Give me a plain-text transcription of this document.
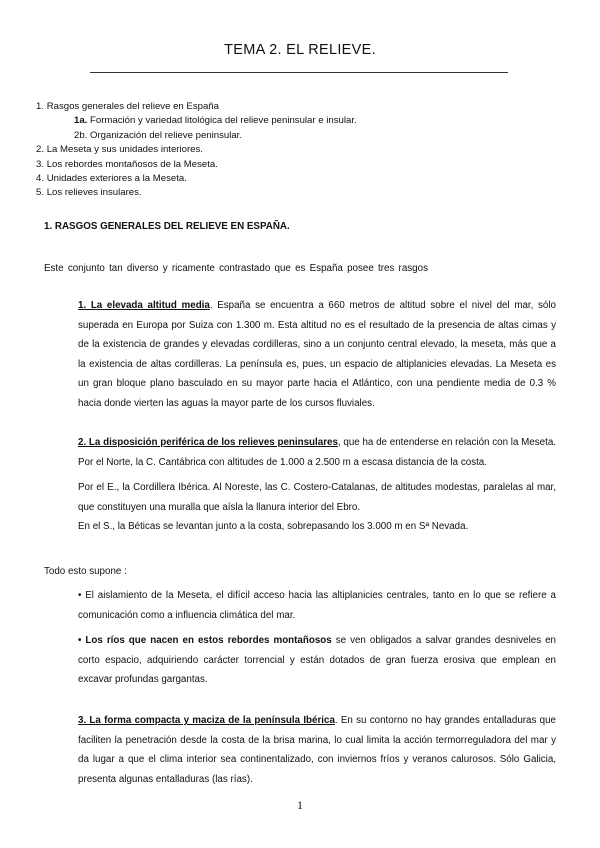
TEMA 2. EL RELIEVE.
1. Rasgos generales del relieve en España
1a. Formación y variedad litológica del relieve peninsular e insular.
2b. Organización del relieve peninsular.
2. La Meseta y sus unidades interiores.
3. Los rebordes montañosos de la Meseta.
4. Unidades exteriores a la Meseta.
5. Los relieves insulares.
1. RASGOS GENERALES DEL RELIEVE EN ESPAÑA.
Este conjunto tan diverso y ricamente contrastado que es España posee tres rasgos

1. La elevada altitud media. España se encuentra a 660 metros de altitud sobre el nivel del mar, sólo superada en Europa por Suiza con 1.300 m. Esta altitud no es el resultado de la presencia de altas cimas y de la existencia de grandes y elevadas cordilleras, sino a un conjunto central elevado, la meseta, más que a la existencia de altas cordilleras. La península es, pues, un espacio de altiplanicies elevadas. La Meseta es un gran bloque plano basculado en su mayor parte hacia el Atlántico, con una pendiente media de 0.3 % hacia donde vierten las aguas la mayor parte de los cursos fluviales.

2. La disposición periférica de los relieves peninsulares, que ha de entenderse en relación con la Meseta. Por el Norte, la C. Cantábrica con altitudes de 1.000 a 2.500 m a escasa distancia de la costa.

Por el E., la Cordillera Ibérica. Al Noreste, las C. Costero-Catalanas, de altitudes modestas, paralelas al mar, que constituyen una muralla que aísla la llanura interior del Ebro.

En el S., la Béticas se levantan junto a la costa, sobrepasando los 3.000 m en Sª Nevada.

Todo esto supone :

• El aislamiento de la Meseta, el difícil acceso hacia las altiplanicies centrales, tanto en lo que se refiere a comunicación como a influencia climática del mar.

• Los ríos que nacen en estos rebordes montañosos se ven obligados a salvar grandes desniveles en corto espacio, adquiriendo carácter torrencial y están dotados de gran fuerza erosiva que emplean en excavar profundas gargantas.

3. La forma compacta y maciza de la península Ibérica. En su contorno no hay grandes entalladuras que faciliten la penetración desde la costa de la brisa marina, lo cual limita la acción termorreguladora del mar y da lugar a que el clima interior sea continentalizado, con inviernos fríos y veranos calurosos. Sólo Galicia, presenta algunas entalladuras (las rías).

1
